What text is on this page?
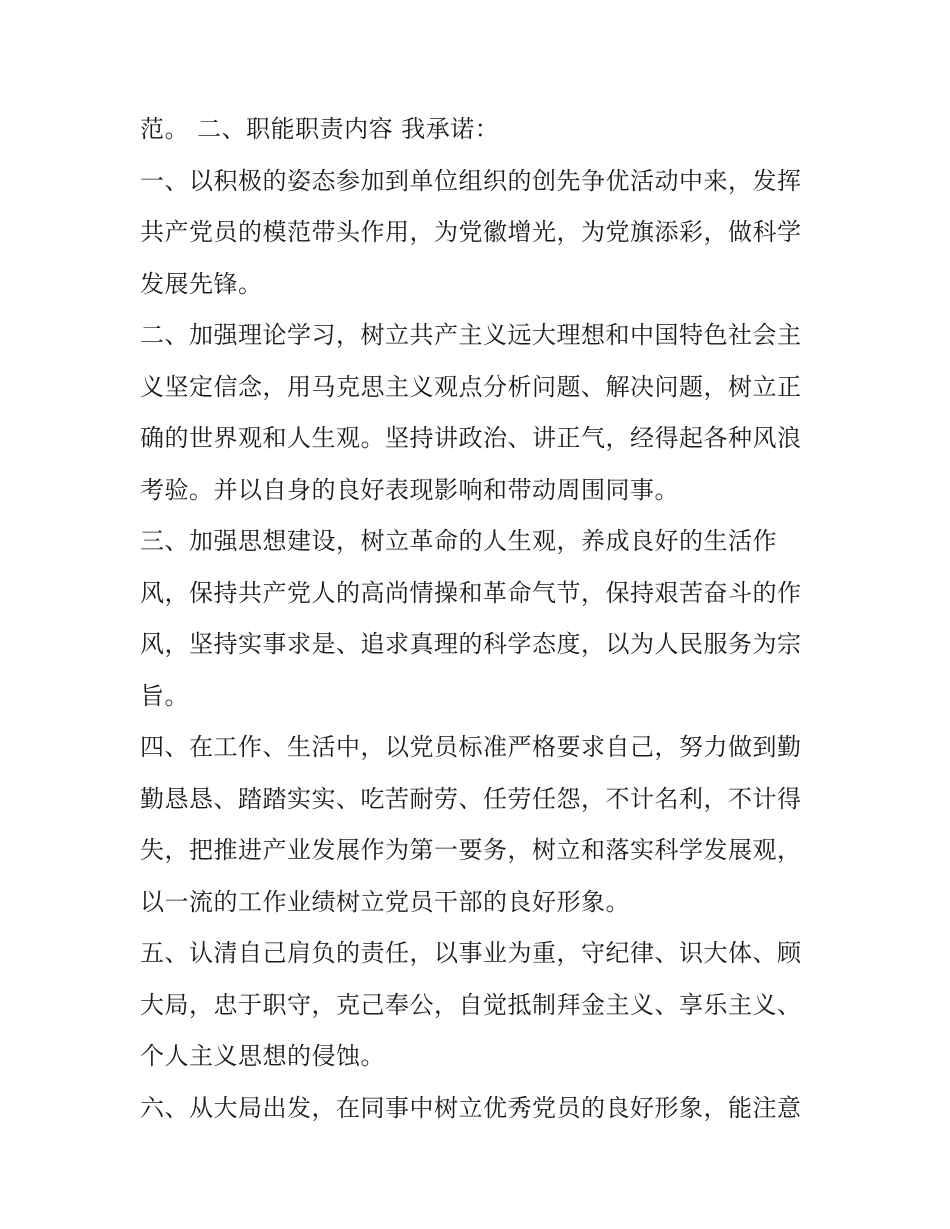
范。 二、职能职责内容 我承诺：
一、以积极的姿态参加到单位组织的创先争优活动中来，发挥
共产党员的模范带头作用，为党徽增光，为党旗添彩，做科学
发展先锋。
二、加强理论学习，树立共产主义远大理想和中国特色社会主
义坚定信念，用马克思主义观点分析问题、解决问题，树立正
确的世界观和人生观。坚持讲政治、讲正气，经得起各种风浪
考验。并以自身的良好表现影响和带动周围同事。
三、加强思想建设，树立革命的人生观，养成良好的生活作
风，保持共产党人的高尚情操和革命气节，保持艰苦奋斗的作
风，坚持实事求是、追求真理的科学态度，以为人民服务为宗
旨。
四、在工作、生活中，以党员标准严格要求自己，努力做到勤
勤恳恳、踏踏实实、吃苦耐劳、任劳任怨，不计名利，不计得
失，把推进产业发展作为第一要务，树立和落实科学发展观，
以一流的工作业绩树立党员干部的良好形象。
五、认清自己肩负的责任，以事业为重，守纪律、识大体、顾
大局，忠于职守，克己奉公，自觉抵制拜金主义、享乐主义、
个人主义思想的侵蚀。
六、从大局出发，在同事中树立优秀党员的良好形象，能注意
